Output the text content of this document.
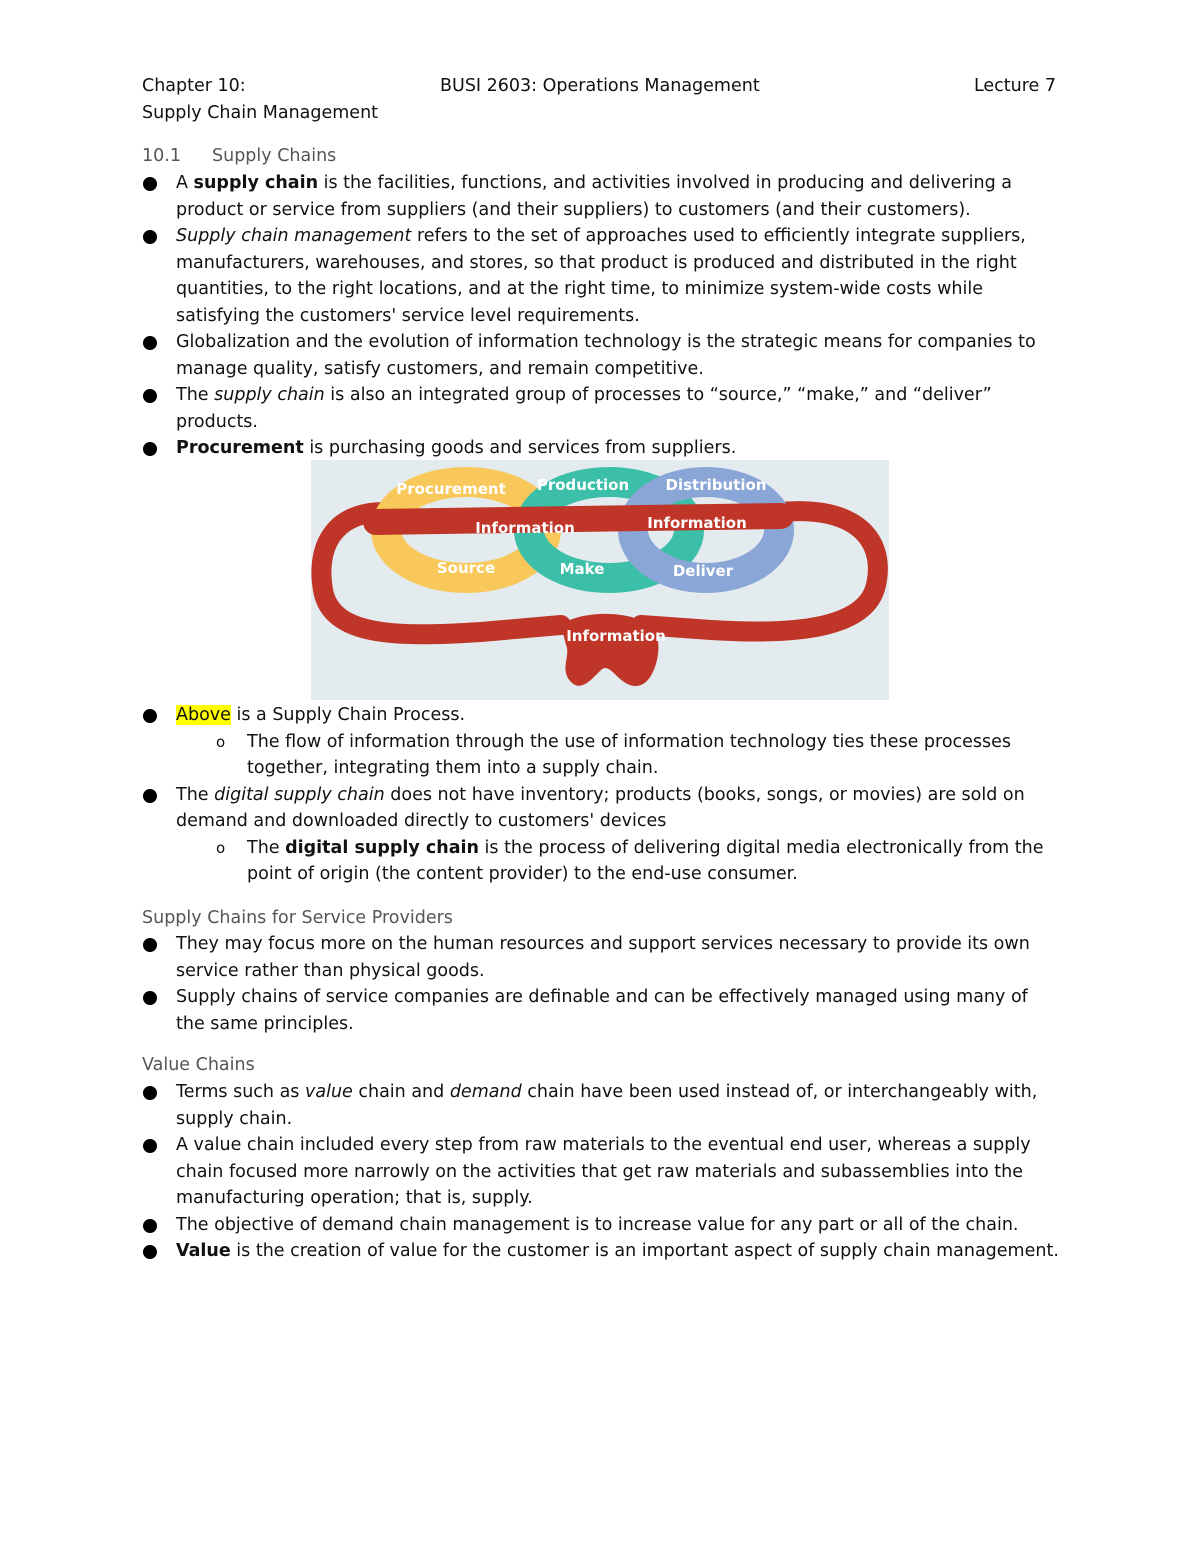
Chapter 10:	BUSI 2603: Operations Management	Lecture 7
Supply Chain Management
10.1 Supply Chains
A supply chain is the facilities, functions, and activities involved in producing and delivering a product or service from suppliers (and their suppliers) to customers (and their customers).
Supply chain management refers to the set of approaches used to efficiently integrate suppliers, manufacturers, warehouses, and stores, so that product is produced and distributed in the right quantities, to the right locations, and at the right time, to minimize system-wide costs while satisfying the customers' service level requirements.
Globalization and the evolution of information technology is the strategic means for companies to manage quality, satisfy customers, and remain competitive.
The supply chain is also an integrated group of processes to “source,” “make,” and “deliver” products.
Procurement is purchasing goods and services from suppliers.
Procurement Production Distribution
Information	Information
Source	Make	Deliver
Information
Above is a Supply Chain Process.
o The flow of information through the use of information technology ties these processes together, integrating them into a supply chain.
The digital supply chain does not have inventory; products (books, songs, or movies) are sold on demand and downloaded directly to customers' devices
o The digital supply chain is the process of delivering digital media electronically from the point of origin (the content provider) to the end-use consumer.
Supply Chains for Service Providers
They may focus more on the human resources and support services necessary to provide its own service rather than physical goods.
Supply chains of service companies are definable and can be effectively managed using many of the same principles.
Value Chains
Terms such as value chain and demand chain have been used instead of, or interchangeably with, supply chain.
A value chain included every step from raw materials to the eventual end user, whereas a supply chain focused more narrowly on the activities that get raw materials and subassemblies into the manufacturing operation; that is, supply.
The objective of demand chain management is to increase value for any part or all of the chain.
Value is the creation of value for the customer is an important aspect of supply chain management.
